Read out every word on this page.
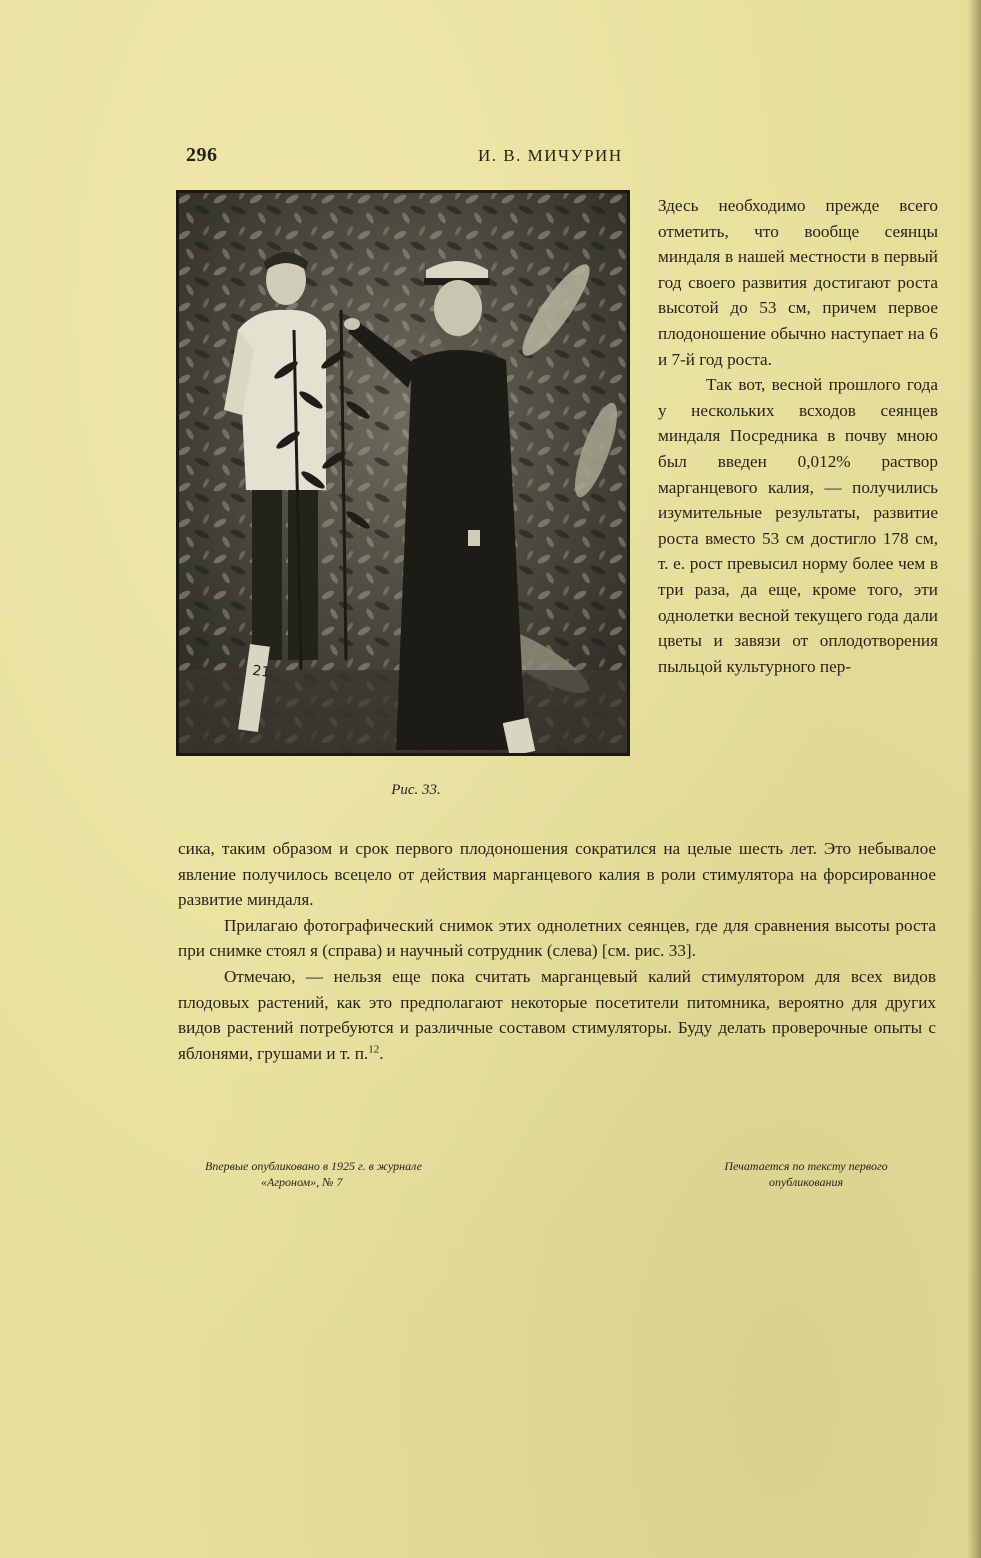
296	И. В. МИЧУРИН
21
Рис. 33.

Здесь необходимо прежде всего отметить, что вообще сеянцы миндаля в нашей местности в первый год своего развития достигают роста высотой до 53 см, причем первое плодоношение обычно наступает на 6 и 7-й год роста.

Так вот, весной прошлого года у нескольких всходов сеянцев миндаля Посредника в почву мною был введен 0,012% раствор марганцевого калия, — получились изумительные результаты, развитие роста вместо 53 см достигло 178 см, т. е. рост превысил норму более чем в три раза, да еще, кроме того, эти однолетки весной текущего года дали цветы и завязи от оплодотворения пыльцой культурного пер-

сика, таким образом и срок первого плодоношения сократился на целые шесть лет. Это небывалое явление получилось всецело от действия марганцевого калия в роли стимулятора на форсированное развитие миндаля.

Прилагаю фотографический снимок этих однолетних сеянцев, где для сравнения высоты роста при снимке стоял я (справа) и научный сотрудник (слева) [см. рис. 33].

Отмечаю, — нельзя еще пока считать марганцевый калий стимулятором для всех видов плодовых растений, как это предполагают некоторые посетители питомника, вероятно для других видов растений потребуются и различные составом стимуляторы. Буду делать проверочные опыты с яблонями, грушами и т. п.$^{12}$.

Впервые опубликовано в 1925 г. в журнале
«Агроном», № 7
Печатается по тексту первого
опубликования
